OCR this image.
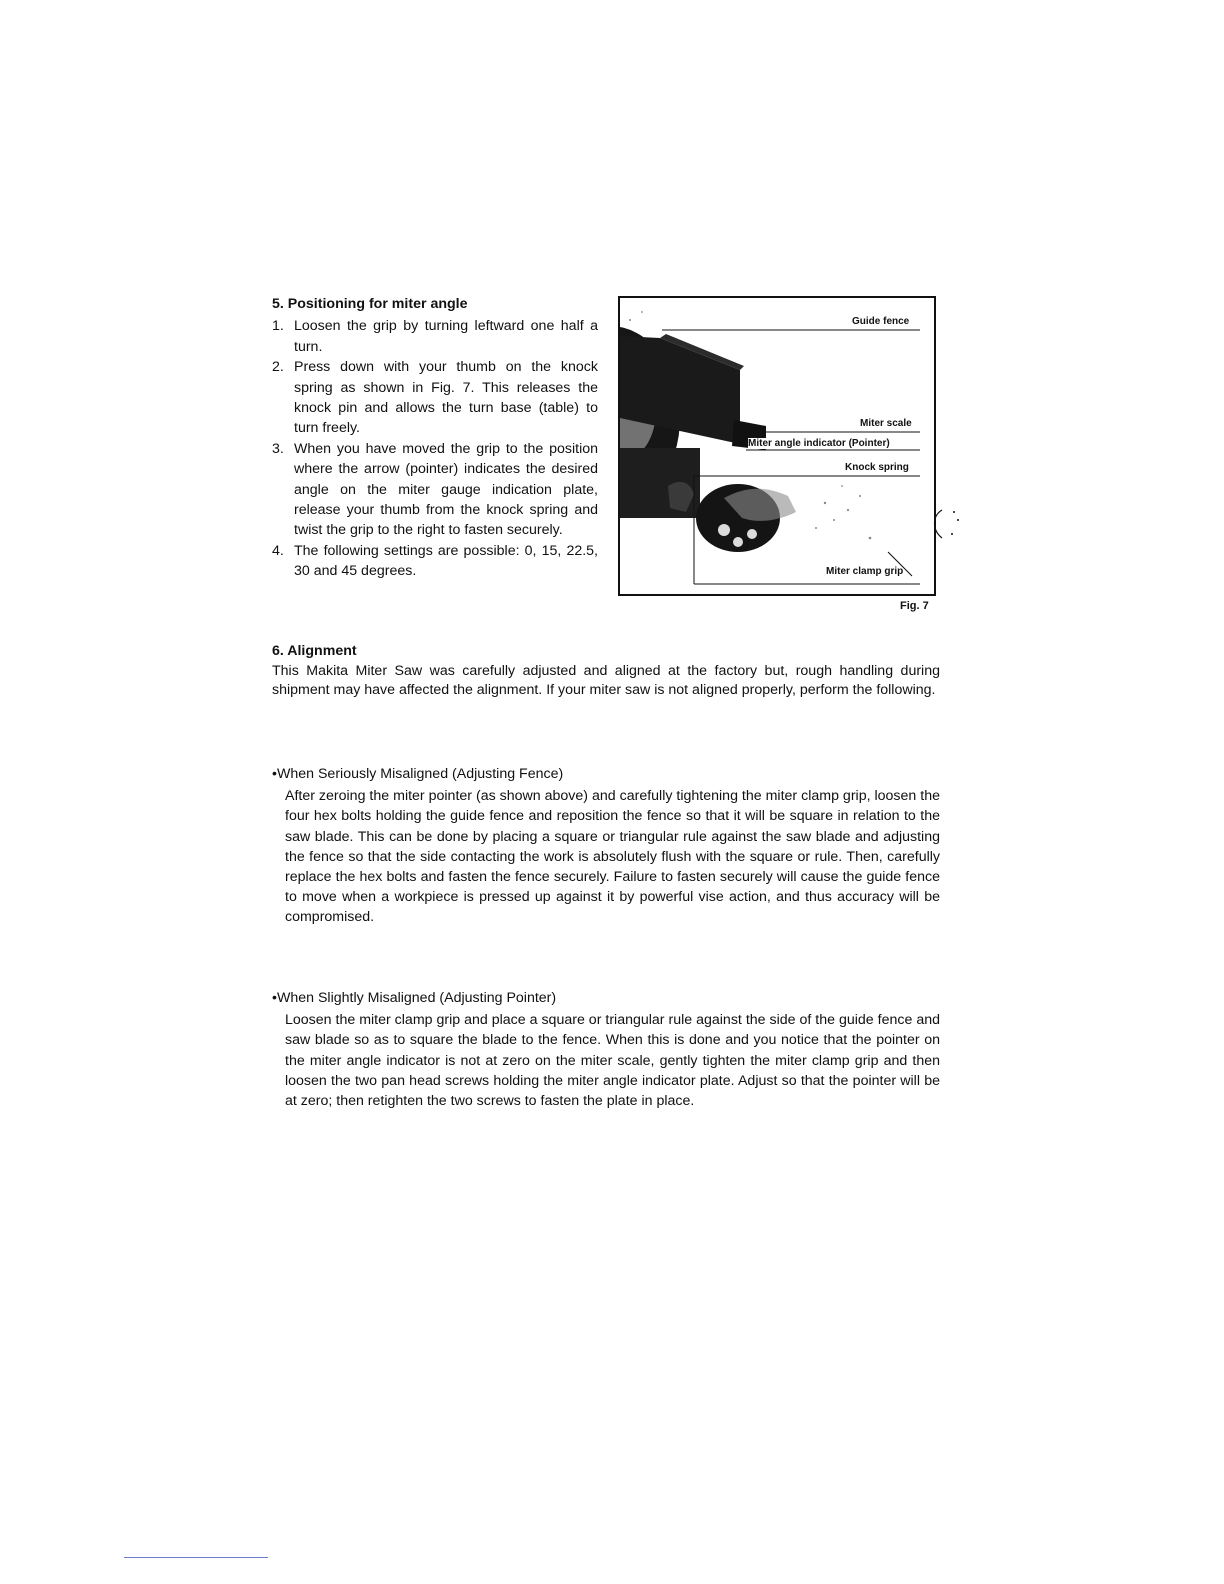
5. Positioning for miter angle

1. Loosen the grip by turning leftward one half a turn.
2. Press down with your thumb on the knock spring as shown in Fig. 7. This releases the knock pin and allows the turn base (table) to turn freely.
3. When you have moved the grip to the position where the arrow (pointer) indicates the desired angle on the miter gauge indication plate, release your thumb from the knock spring and twist the grip to the right to fasten securely.
4. The following settings are possible: 0, 15, 22.5, 30 and 45 degrees.
Guide fence
Miter scale
Miter angle indicator (Pointer)
Knock spring
Miter clamp grip
Fig. 7

6. Alignment

This Makita Miter Saw was carefully adjusted and aligned at the factory but, rough handling during shipment may have affected the alignment. If your miter saw is not aligned properly, perform the following.

•When Seriously Misaligned (Adjusting Fence)

After zeroing the miter pointer (as shown above) and carefully tightening the miter clamp grip, loosen the four hex bolts holding the guide fence and reposition the fence so that it will be square in relation to the saw blade. This can be done by placing a square or triangular rule against the saw blade and adjusting the fence so that the side contacting the work is absolutely flush with the square or rule. Then, carefully replace the hex bolts and fasten the fence securely. Failure to fasten securely will cause the guide fence to move when a workpiece is pressed up against it by powerful vise action, and thus accuracy will be compromised.

•When Slightly Misaligned (Adjusting Pointer)

Loosen the miter clamp grip and place a square or triangular rule against the side of the guide fence and saw blade so as to square the blade to the fence. When this is done and you notice that the pointer on the miter angle indicator is not at zero on the miter scale, gently tighten the miter clamp grip and then loosen the two pan head screws holding the miter angle indicator plate. Adjust so that the pointer will be at zero; then retighten the two screws to fasten the plate in place.
